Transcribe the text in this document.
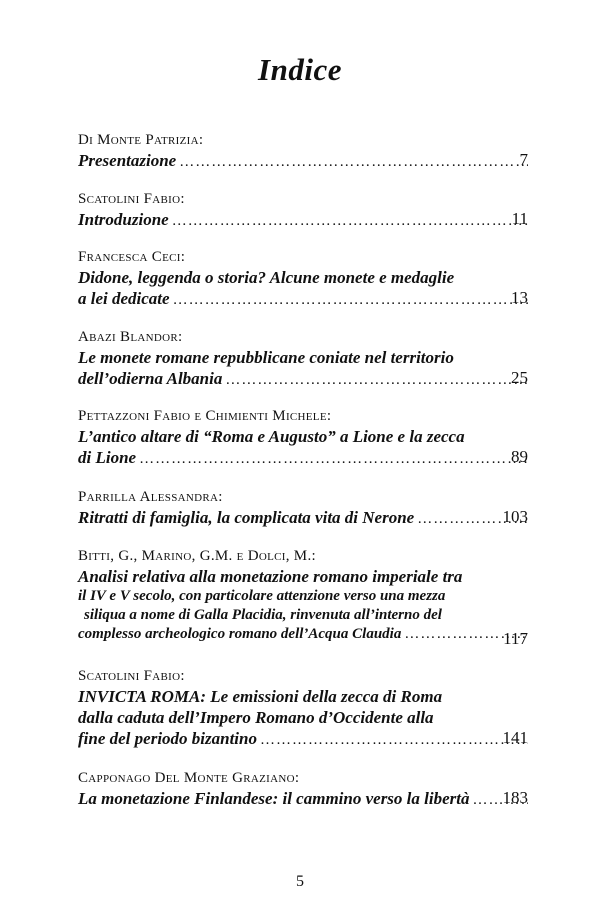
Indice
Di Monte Patrizia:
Presentazione …………………………………………………………………………………………………………………………	7
Scatolini Fabio:
Introduzione …………………………………………………………………………………………………………………………	11
Francesca Ceci:
Didone, leggenda o storia? Alcune monete e medaglie
a lei dedicate …………………………………………………………………………………………………………………………	13
Abazi Blandor:
Le monete romane repubblicane coniate nel territorio
dell’odierna Albania …………………………………………………………………………………………………………………………	25
Pettazzoni Fabio e Chimienti Michele:
L’antico altare di “Roma e Augusto” a Lione e la zecca
di Lione …………………………………………………………………………………………………………………………	89
Parrilla Alessandra:
Ritratti di famiglia, la complicata vita di Nerone …………………………………………………………………………………………………………………………	103
Bitti, G., Marino, G.M. e Dolci, M.:
Analisi relativa alla monetazione romano imperiale tra
il IV e V secolo, con particolare attenzione verso una mezza
siliqua a nome di Galla Placidia, rinvenuta all’interno del
complesso archeologico romano dell’Acqua Claudia …………………………………………………………………………………………………………………………	117
Scatolini Fabio:
INVICTA ROMA: Le emissioni della zecca di Roma
dalla caduta dell’Impero Romano d’Occidente alla
fine del periodo bizantino …………………………………………………………………………………………………………………………	141
Capponago Del Monte Graziano:
La monetazione Finlandese: il cammino verso la libertà …………………………………………………………………………………………………………………………	183
5
